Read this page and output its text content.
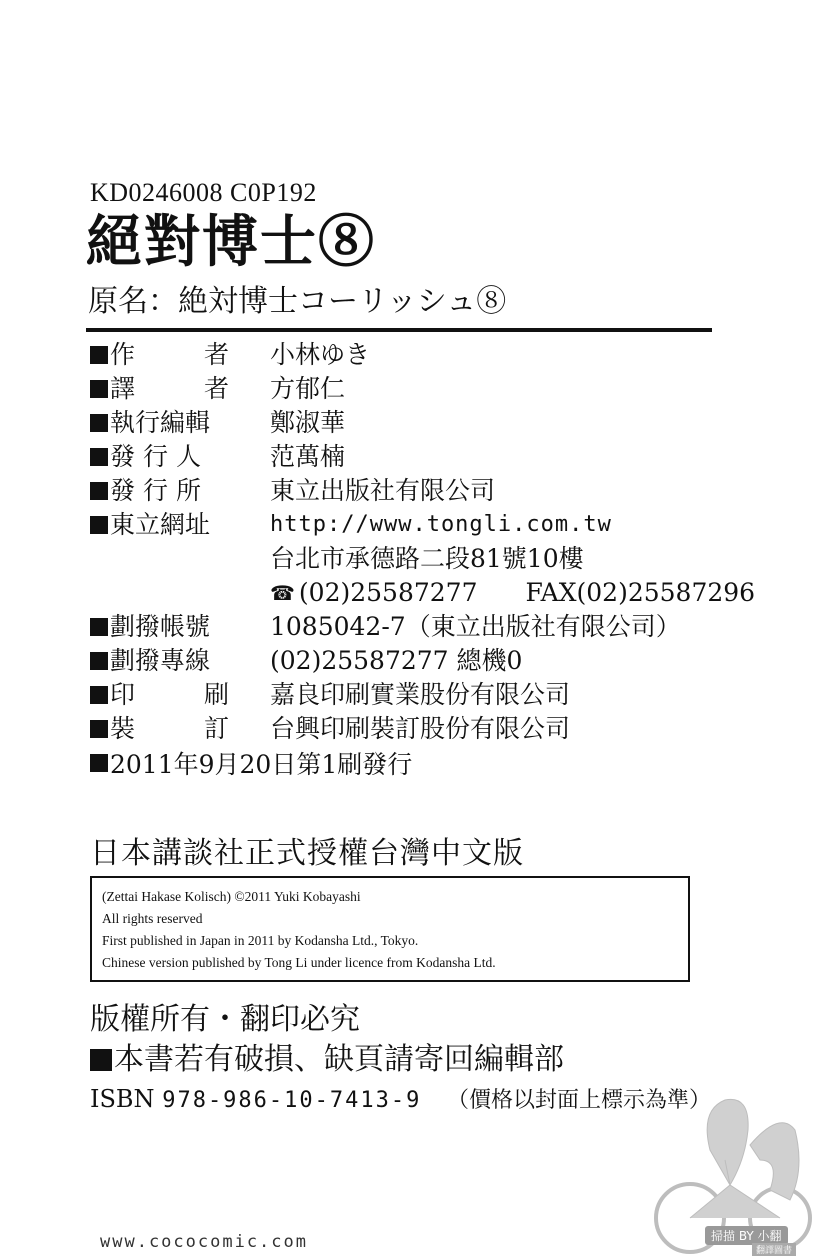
KD0246008 C0P192
絕對博士⑧
原名：絶対博士コーリッシュ⑧
作　者 小林ゆき
譯　者 方郁仁
執行編輯	鄭淑華
發行人	范萬楠
發行所	東立出版社有限公司
東立網址	http://www.tongli.com.tw
台北市承德路二段81號10樓
☎ (02)25587277 FAX(02)25587296
劃撥帳號	1085042-7（東立出版社有限公司）
劃撥專線	(02)25587277 總機0
印　刷 嘉良印刷實業股份有限公司
裝　訂 台興印刷裝訂股份有限公司
2011年9月20日第1刷發行
日本講談社正式授權台灣中文版
(Zettai Hakase Kolisch) ©2011 Yuki Kobayashi
All rights reserved
First published in Japan in 2011 by Kodansha Ltd., Tokyo.
Chinese version published by Tong Li under licence from Kodansha Ltd.
版權所有・翻印必究
本書若有破損、缺頁請寄回編輯部
ISBN 978-986-10-7413-9 （價格以封面上標示為準）
www.cococomic.com	掃描 BY 小翻
翻譯圖書
